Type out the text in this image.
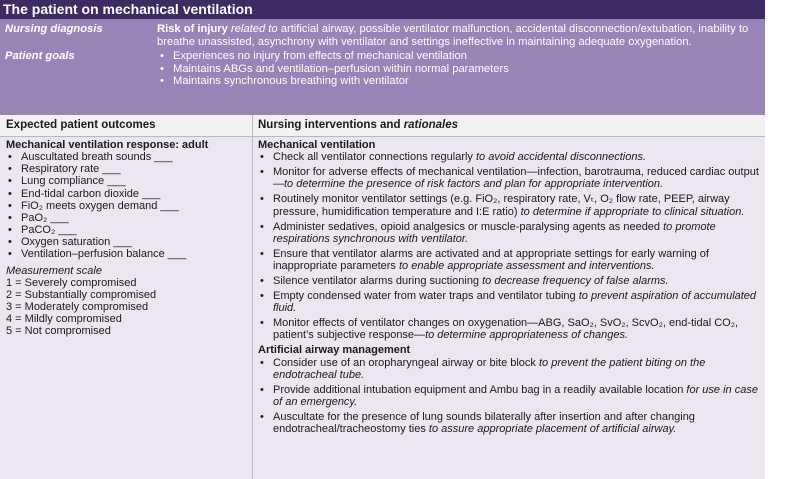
The patient on mechanical ventilation
Nursing diagnosis	Risk of injury related to artificial airway, possible ventilator malfunction, accidental disconnection/extubation, inability to breathe unassisted, asynchrony with ventilator and settings ineffective in maintaining adequate oxygenation.
Patient goals
•	Experiences no injury from effects of mechanical ventilation
• Maintains ABGs and ventilation–perfusion within normal parameters
• Maintains synchronous breathing with ventilator
Expected patient outcomes	Nursing interventions and rationales
Mechanical ventilation response: adult
• Auscultated breath sounds ___
• Respiratory rate ___
• Lung compliance ___
• End-tidal carbon dioxide ___
• FiO₂ meets oxygen demand ___
• PaO₂ ___
• PaCO₂ ___
• Oxygen saturation ___
• Ventilation–perfusion balance ___
Measurement scale
1 = Severely compromised
2 = Substantially compromised
3 = Moderately compromised
4 = Mildly compromised
5 = Not compromised
Mechanical ventilation
• Check all ventilator connections regularly to avoid accidental disconnections.
• Monitor for adverse effects of mechanical ventilation—infection, barotrauma, reduced cardiac output—to determine the presence of risk factors and plan for appropriate intervention.
• Routinely monitor ventilator settings (e.g. FiO₂, respiratory rate, Vₜ, O₂ flow rate, PEEP, airway pressure, humidification temperature and I:E ratio) to determine if appropriate to clinical situation.
• Administer sedatives, opioid analgesics or muscle-paralysing agents as needed to promote respirations synchronous with ventilator.
• Ensure that ventilator alarms are activated and at appropriate settings for early warning of inappropriate parameters to enable appropriate assessment and interventions.
• Silence ventilator alarms during suctioning to decrease frequency of false alarms.
• Empty condensed water from water traps and ventilator tubing to prevent aspiration of accumulated fluid.
• Monitor effects of ventilator changes on oxygenation—ABG, SaO₂, SvO₂, ScvO₂, end-tidal CO₂, patient’s subjective response—to determine appropriateness of changes.
Artificial airway management
• Consider use of an oropharyngeal airway or bite block to prevent the patient biting on the endotracheal tube.
• Provide additional intubation equipment and Ambu bag in a readily available location for use in case of an emergency.
• Auscultate for the presence of lung sounds bilaterally after insertion and after changing endotracheal/tracheostomy ties to assure appropriate placement of artificial airway.
